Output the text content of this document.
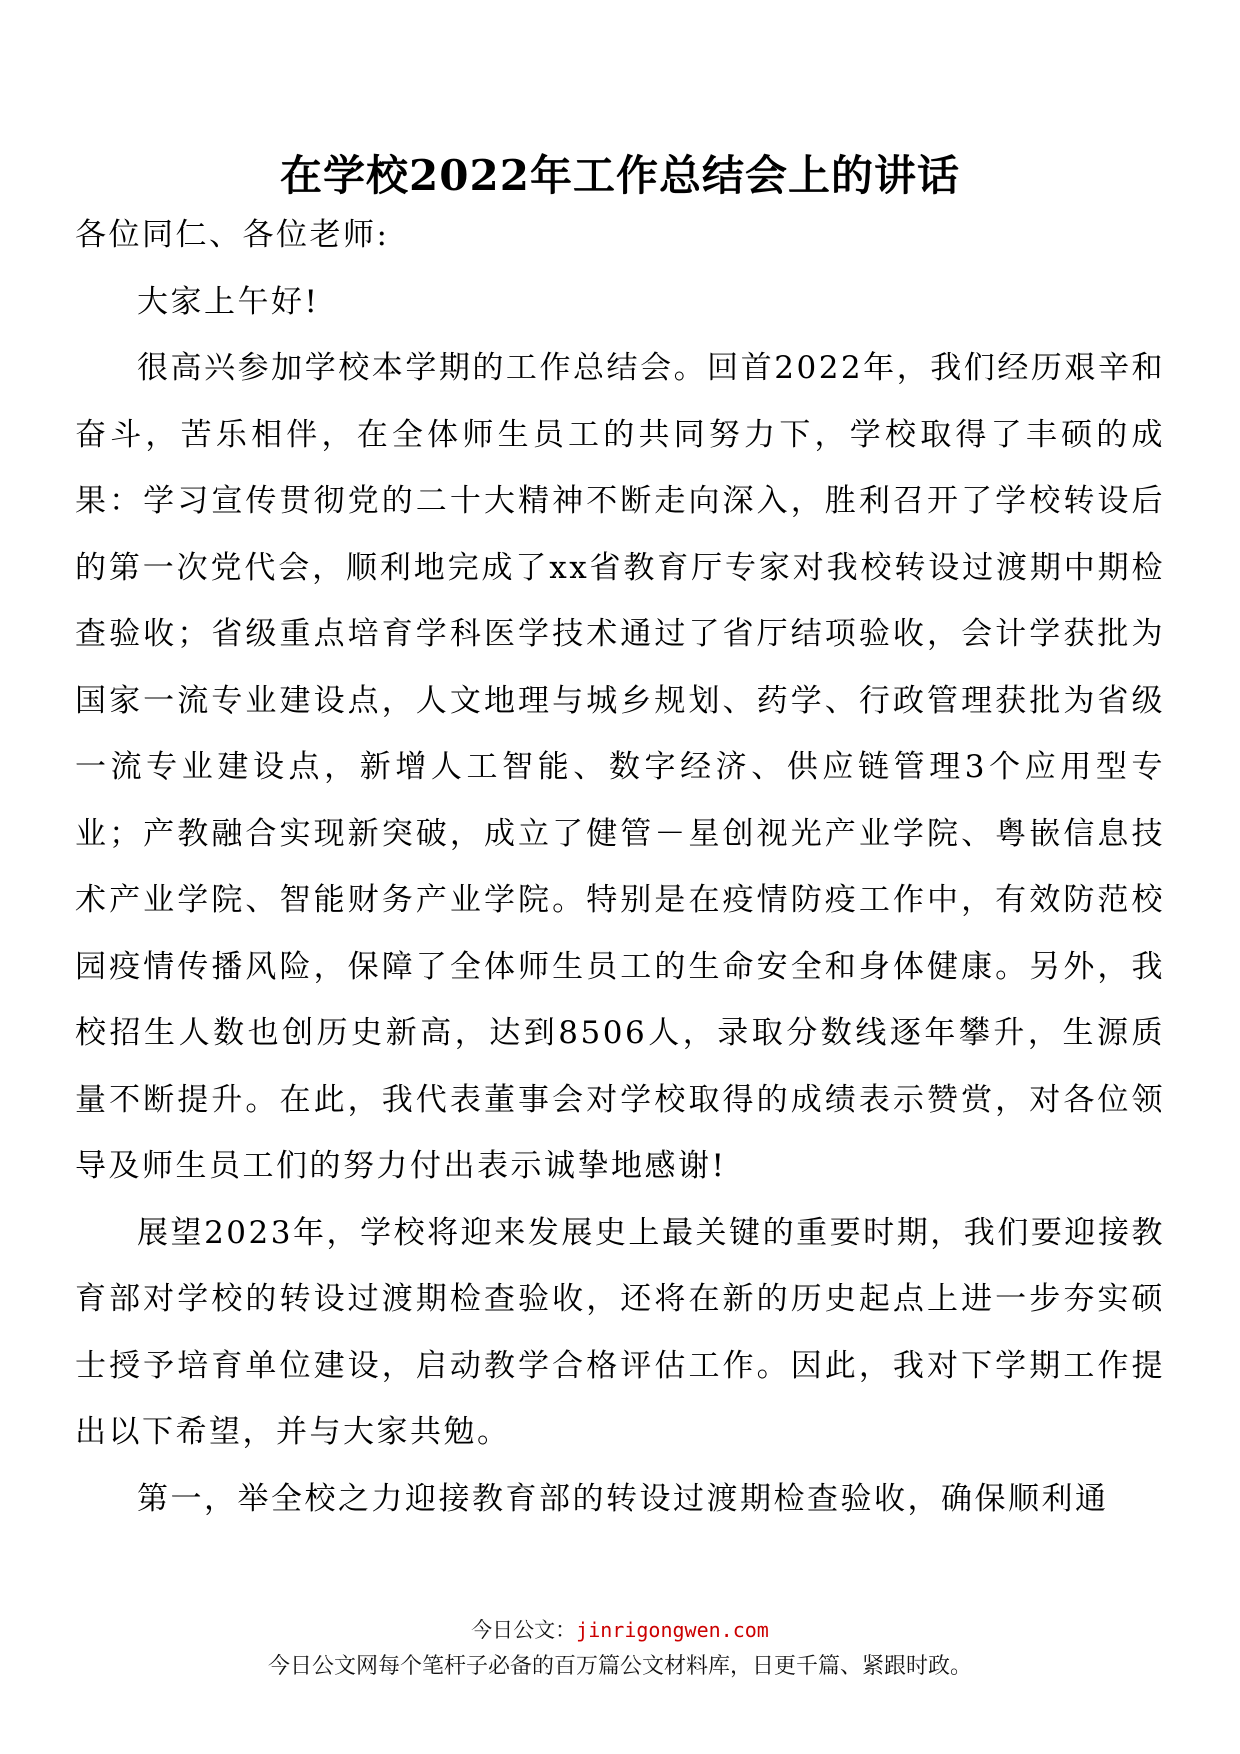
在学校2022年工作总结会上的讲话

各位同仁、各位老师:

大家上午好!

很高兴参加学校本学期的工作总结会。回首2022年，我们经历艰辛和奋斗，苦乐相伴，在全体师生员工的共同努力下，学校取得了丰硕的成果：学习宣传贯彻党的二十大精神不断走向深入，胜利召开了学校转设后的第一次党代会，顺利地完成了xx省教育厅专家对我校转设过渡期中期检查验收；省级重点培育学科医学技术通过了省厅结项验收，会计学获批为国家一流专业建设点，人文地理与城乡规划、药学、行政管理获批为省级一流专业建设点，新增人工智能、数字经济、供应链管理3个应用型专业；产教融合实现新突破，成立了健管－星创视光产业学院、粤嵌信息技术产业学院、智能财务产业学院。特别是在疫情防疫工作中，有效防范校园疫情传播风险，保障了全体师生员工的生命安全和身体健康。另外，我校招生人数也创历史新高，达到8506人，录取分数线逐年攀升，生源质量不断提升。在此，我代表董事会对学校取得的成绩表示赞赏，对各位领导及师生员工们的努力付出表示诚挚地感谢!

展望2023年，学校将迎来发展史上最关键的重要时期，我们要迎接教育部对学校的转设过渡期检查验收，还将在新的历史起点上进一步夯实硕士授予培育单位建设，启动教学合格评估工作。因此，我对下学期工作提出以下希望，并与大家共勉。

第一，举全校之力迎接教育部的转设过渡期检查验收，确保顺利通

今日公文：jinrigongwen.com
今日公文网每个笔杆子必备的百万篇公文材料库，日更千篇、紧跟时政。
